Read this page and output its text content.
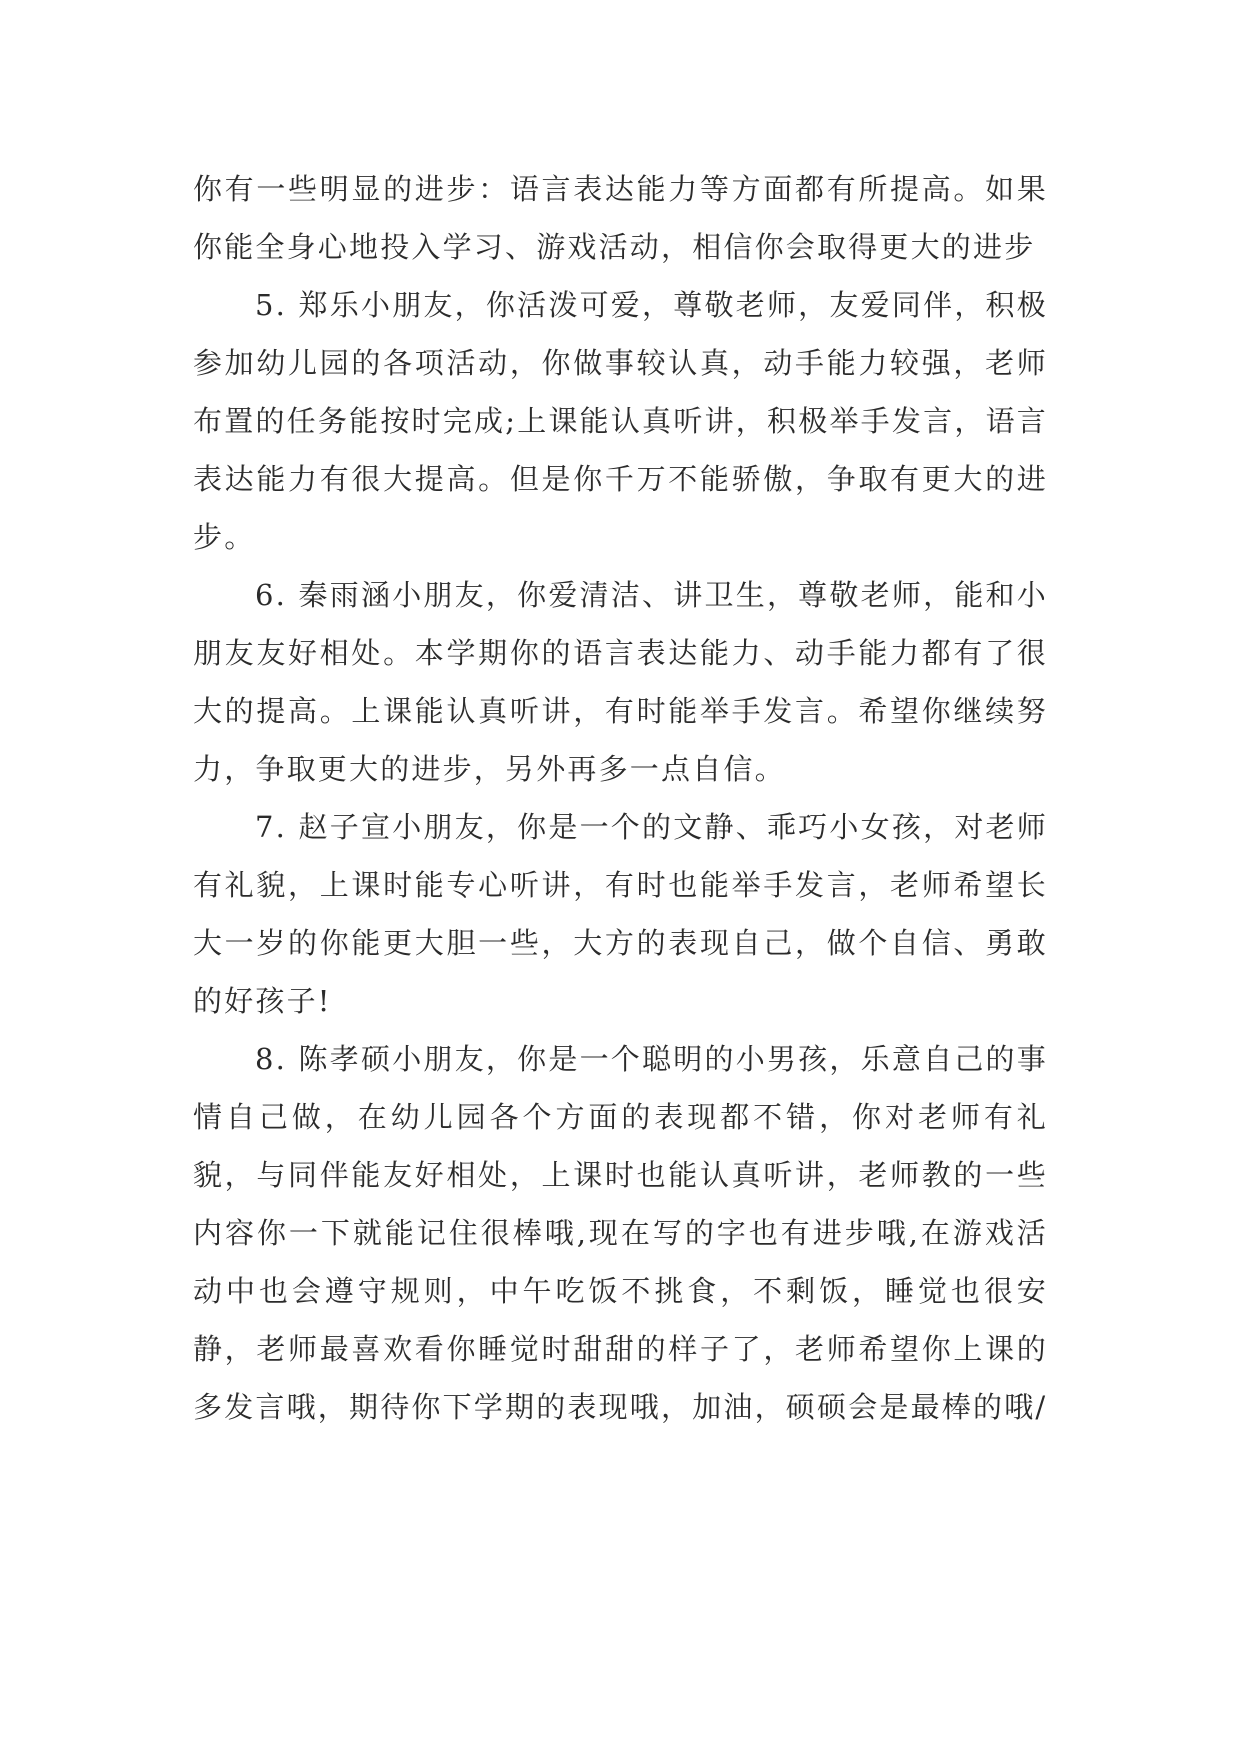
你有一些明显的进步：语言表达能力等方面都有所提高。如果你能全身心地投入学习、游戏活动，相信你会取得更大的进步

5. 郑乐小朋友，你活泼可爱，尊敬老师，友爱同伴，积极参加幼儿园的各项活动，你做事较认真，动手能力较强，老师布置的任务能按时完成;上课能认真听讲，积极举手发言，语言表达能力有很大提高。但是你千万不能骄傲，争取有更大的进步。

6. 秦雨涵小朋友，你爱清洁、讲卫生，尊敬老师，能和小朋友友好相处。本学期你的语言表达能力、动手能力都有了很大的提高。上课能认真听讲，有时能举手发言。希望你继续努力，争取更大的进步，另外再多一点自信。

7. 赵子宣小朋友，你是一个的文静、乖巧小女孩，对老师有礼貌，上课时能专心听讲，有时也能举手发言，老师希望长大一岁的你能更大胆一些，大方的表现自己，做个自信、勇敢的好孩子!

8. 陈孝硕小朋友，你是一个聪明的小男孩，乐意自己的事情自己做，在幼儿园各个方面的表现都不错，你对老师有礼貌，与同伴能友好相处，上课时也能认真听讲，老师教的一些内容你一下就能记住很棒哦,现在写的字也有进步哦,在游戏活动中也会遵守规则，中午吃饭不挑食，不剩饭，睡觉也很安静，老师最喜欢看你睡觉时甜甜的样子了，老师希望你上课的多发言哦，期待你下学期的表现哦，加油，硕硕会是最棒的哦/
